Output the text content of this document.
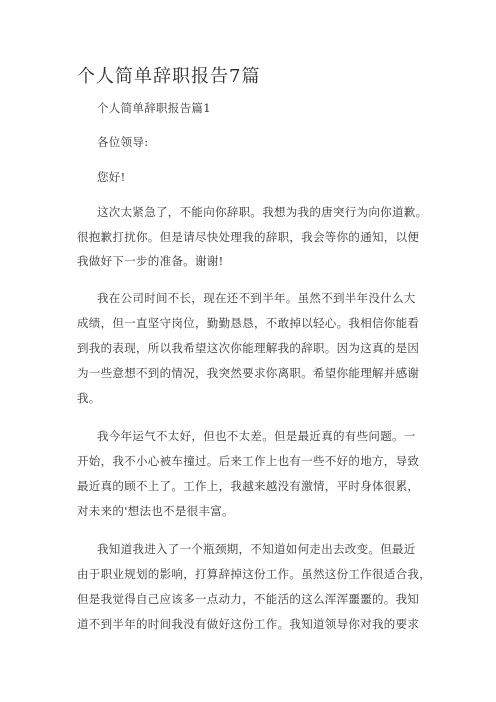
个人简单辞职报告7篇
个人简单辞职报告篇1
各位领导:
您好!
这次太紧急了，不能向你辞职。我想为我的唐突行为向你道歉。
很抱歉打扰你。但是请尽快处理我的辞职，我会等你的通知，以便
我做好下一步的准备。谢谢!
我在公司时间不长，现在还不到半年。虽然不到半年没什么大
成绩，但一直坚守岗位，勤勤恳恳，不敢掉以轻心。我相信你能看
到我的表现，所以我希望这次你能理解我的辞职。因为这真的是因
为一些意想不到的情况，我突然要求你离职。希望你能理解并感谢
我。
我今年运气不太好，但也不太差。但是最近真的有些问题。一
开始，我不小心被车撞过。后来工作上也有一些不好的地方，导致
最近真的顾不上了。工作上，我越来越没有激情，平时身体很累，
对未来的'想法也不是很丰富。
我知道我进入了一个瓶颈期，不知道如何走出去改变。但最近
由于职业规划的影响，打算辞掉这份工作。虽然这份工作很适合我，
但是我觉得自己应该多一点动力，不能活的这么浑浑噩噩的。我知
道不到半年的时间我没有做好这份工作。我知道领导你对我的要求
